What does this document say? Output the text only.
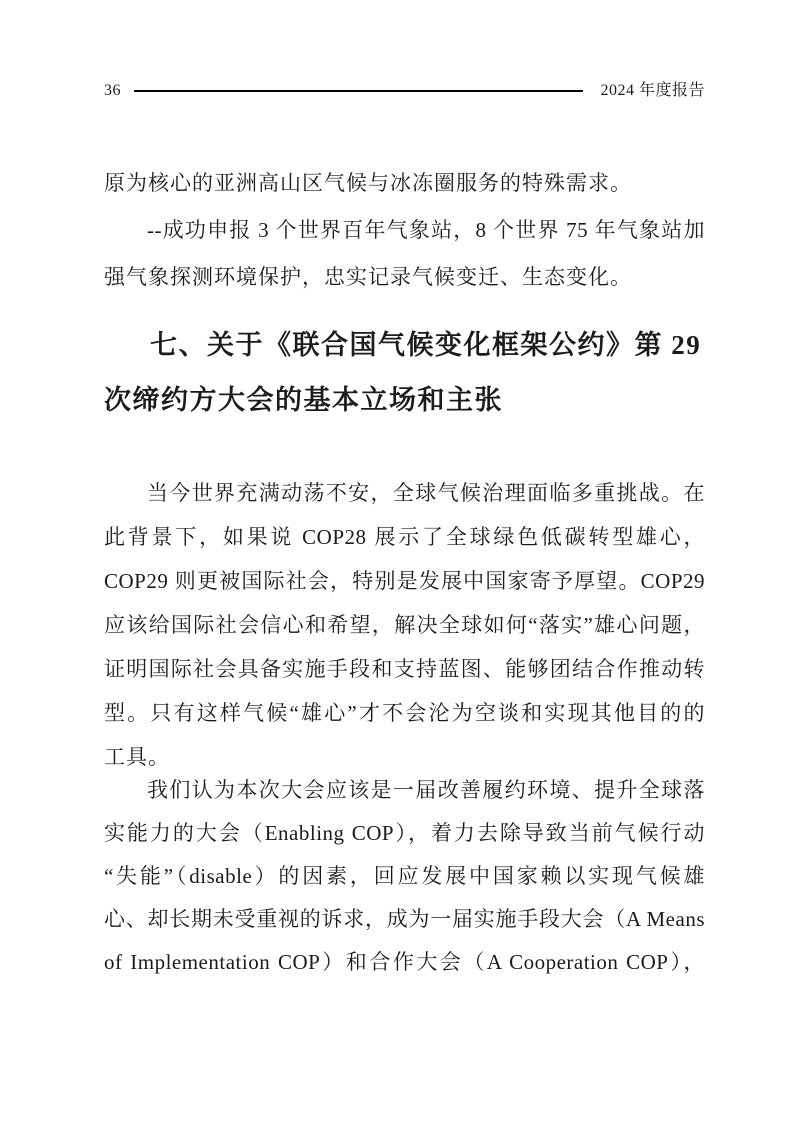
36	2024 年度报告
原为核心的亚洲高山区气候与冰冻圈服务的特殊需求。
--成功申报 3 个世界百年气象站，8 个世界 75 年气象站加
强气象探测环境保护，忠实记录气候变迁、生态变化。
七、关于《联合国气候变化框架公约》第 29
次缔约方大会的基本立场和主张
当今世界充满动荡不安，全球气候治理面临多重挑战。在
此背景下，如果说 COP28 展示了全球绿色低碳转型雄心，
COP29 则更被国际社会，特别是发展中国家寄予厚望。COP29
应该给国际社会信心和希望，解决全球如何“落实”雄心问题，
证明国际社会具备实施手段和支持蓝图、能够团结合作推动转
型。只有这样气候“雄心”才不会沦为空谈和实现其他目的的
工具。
我们认为本次大会应该是一届改善履约环境、提升全球落
实能力的大会（Enabling COP），着力去除导致当前气候行动
“失能”（disable）的因素，回应发展中国家赖以实现气候雄
心、却长期未受重视的诉求，成为一届实施手段大会（A Means
of Implementation COP）和合作大会（A Cooperation COP），
